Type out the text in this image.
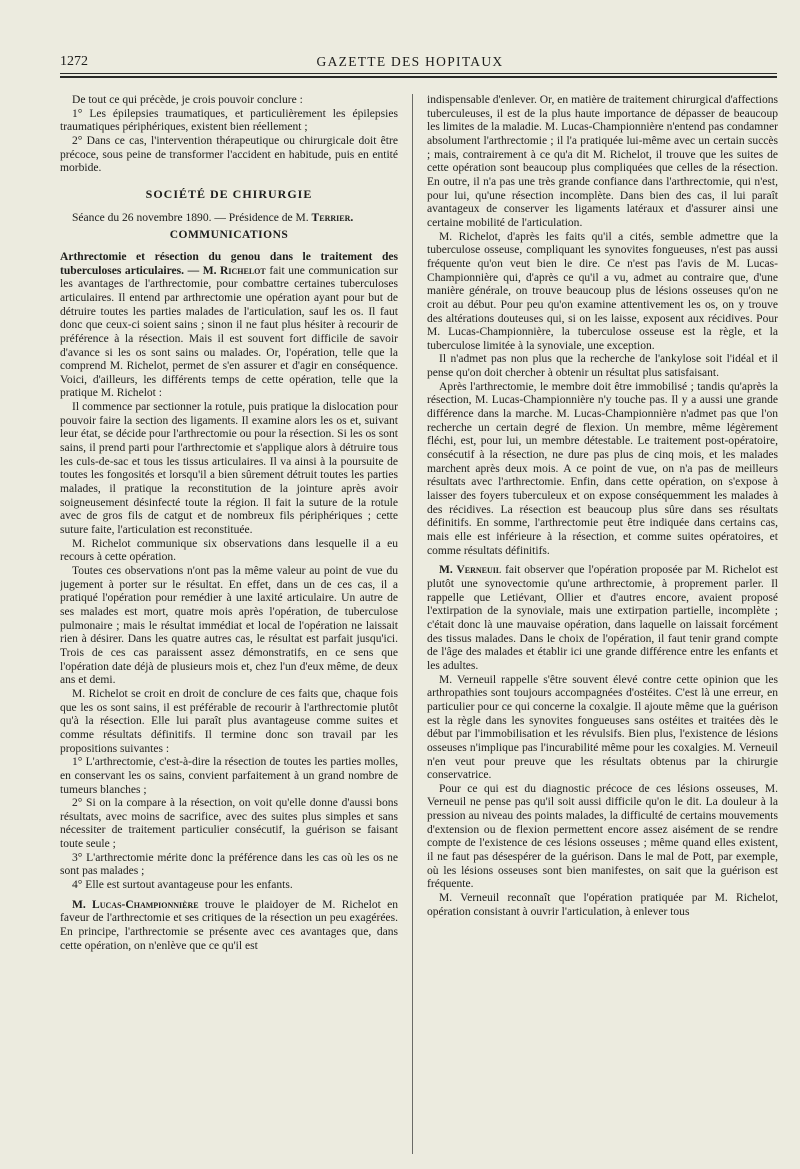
1272	GAZETTE DES HOPITAUX

De tout ce qui précède, je crois pouvoir conclure :

1° Les épilepsies traumatiques, et particulièrement les épilepsies traumatiques périphériques, existent bien réellement ;

2° Dans ce cas, l'intervention thérapeutique ou chirurgicale doit être précoce, sous peine de transformer l'accident en habitude, puis en entité morbide.

SOCIÉTÉ DE CHIRURGIE

Séance du 26 novembre 1890. — Présidence de M. Terrier.

COMMUNICATIONS

Arthrectomie et résection du genou dans le traitement des tuberculoses articulaires. — M. Richelot fait une communication sur les avantages de l'arthrectomie, pour combattre certaines tuberculoses articulaires. Il entend par arthrectomie une opération ayant pour but de détruire toutes les parties malades de l'articulation, sauf les os. Il faut donc que ceux-ci soient sains ; sinon il ne faut plus hésiter à recourir de préférence à la résection. Mais il est souvent fort difficile de savoir d'avance si les os sont sains ou malades. Or, l'opération, telle que la comprend M. Richelot, permet de s'en assurer et d'agir en conséquence. Voici, d'ailleurs, les différents temps de cette opération, telle que la pratique M. Richelot :

Il commence par sectionner la rotule, puis pratique la dislocation pour pouvoir faire la section des ligaments. Il examine alors les os et, suivant leur état, se décide pour l'arthrectomie ou pour la résection. Si les os sont sains, il prend parti pour l'arthrectomie et s'applique alors à détruire tous les culs-de-sac et tous les tissus articulaires. Il va ainsi à la poursuite de toutes les fongosités et lorsqu'il a bien sûrement détruit toutes les parties malades, il pratique la reconstitution de la jointure après avoir soigneusement désinfecté toute la région. Il fait la suture de la rotule avec de gros fils de catgut et de nombreux fils périphériques ; cette suture faite, l'articulation est reconstituée.

M. Richelot communique six observations dans lesquelle il a eu recours à cette opération.

Toutes ces observations n'ont pas la même valeur au point de vue du jugement à porter sur le résultat. En effet, dans un de ces cas, il a pratiqué l'opération pour remédier à une laxité articulaire. Un autre de ses malades est mort, quatre mois après l'opération, de tuberculose pulmonaire ; mais le résultat immédiat et local de l'opération ne laissait rien à désirer. Dans les quatre autres cas, le résultat est parfait jusqu'ici. Trois de ces cas paraissent assez démonstratifs, en ce sens que l'opération date déjà de plusieurs mois et, chez l'un d'eux même, de deux ans et demi.

M. Richelot se croit en droit de conclure de ces faits que, chaque fois que les os sont sains, il est préférable de recourir à l'arthrectomie plutôt qu'à la résection. Elle lui paraît plus avantageuse comme suites et comme résultats définitifs. Il termine donc son travail par les propositions suivantes :

1° L'arthrectomie, c'est-à-dire la résection de toutes les parties molles, en conservant les os sains, convient parfaitement à un grand nombre de tumeurs blanches ;

2° Si on la compare à la résection, on voit qu'elle donne d'aussi bons résultats, avec moins de sacrifice, avec des suites plus simples et sans nécessiter de traitement particulier consécutif, la guérison se faisant toute seule ;

3° L'arthrectomie mérite donc la préférence dans les cas où les os ne sont pas malades ;

4° Elle est surtout avantageuse pour les enfants.

M. Lucas-Championnière trouve le plaidoyer de M. Richelot en faveur de l'arthrectomie et ses critiques de la résection un peu exagérées. En principe, l'arthrectomie se présente avec ces avantages que, dans cette opération, on n'enlève que ce qu'il est

indispensable d'enlever. Or, en matière de traitement chirurgical d'affections tuberculeuses, il est de la plus haute importance de dépasser de beaucoup les limites de la maladie. M. Lucas-Championnière n'entend pas condamner absolument l'arthrectomie ; il l'a pratiquée lui-même avec un certain succès ; mais, contrairement à ce qu'a dit M. Richelot, il trouve que les suites de cette opération sont beaucoup plus compliquées que celles de la résection. En outre, il n'a pas une très grande confiance dans l'arthrectomie, qui n'est, pour lui, qu'une résection incomplète. Dans bien des cas, il lui paraît avantageux de conserver les ligaments latéraux et d'assurer ainsi une certaine mobilité de l'articulation.

M. Richelot, d'après les faits qu'il a cités, semble admettre que la tuberculose osseuse, compliquant les synovites fongueuses, n'est pas aussi fréquente qu'on veut bien le dire. Ce n'est pas l'avis de M. Lucas-Championnière qui, d'après ce qu'il a vu, admet au contraire que, d'une manière générale, on trouve beaucoup plus de lésions osseuses qu'on ne croit au début. Pour peu qu'on examine attentivement les os, on y trouve des altérations douteuses qui, si on les laisse, exposent aux récidives. Pour M. Lucas-Championnière, la tuberculose osseuse est la règle, et la tuberculose limitée à la synoviale, une exception.

Il n'admet pas non plus que la recherche de l'ankylose soit l'idéal et il pense qu'on doit chercher à obtenir un résultat plus satisfaisant.

Après l'arthrectomie, le membre doit être immobilisé ; tandis qu'après la résection, M. Lucas-Championnière n'y touche pas. Il y a aussi une grande différence dans la marche. M. Lucas-Championnière n'admet pas que l'on recherche un certain degré de flexion. Un membre, même légèrement fléchi, est, pour lui, un membre détestable. Le traitement post-opératoire, consécutif à la résection, ne dure pas plus de cinq mois, et les malades marchent après deux mois. A ce point de vue, on n'a pas de meilleurs résultats avec l'arthrectomie. Enfin, dans cette opération, on s'expose à laisser des foyers tuberculeux et on expose conséquemment les malades à des récidives. La résection est beaucoup plus sûre dans ses résultats définitifs. En somme, l'arthrectomie peut être indiquée dans certains cas, mais elle est inférieure à la résection, et comme suites opératoires, et comme résultats définitifs.

M. Verneuil fait observer que l'opération proposée par M. Richelot est plutôt une synovectomie qu'une arthrectomie, à proprement parler. Il rappelle que Letiévant, Ollier et d'autres encore, avaient proposé l'extirpation de la synoviale, mais une extirpation partielle, incomplète ; c'était donc là une mauvaise opération, dans laquelle on laissait forcément des tissus malades. Dans le choix de l'opération, il faut tenir grand compte de l'âge des malades et établir ici une grande différence entre les enfants et les adultes.

M. Verneuil rappelle s'être souvent élevé contre cette opinion que les arthropathies sont toujours accompagnées d'ostéites. C'est là une erreur, en particulier pour ce qui concerne la coxalgie. Il ajoute même que la guérison est la règle dans les synovites fongueuses sans ostéites et traitées dès le début par l'immobilisation et les révulsifs. Bien plus, l'existence de lésions osseuses n'implique pas l'incurabilité même pour les coxalgies. M. Verneuil n'en veut pour preuve que les résultats obtenus par la chirurgie conservatrice.

Pour ce qui est du diagnostic précoce de ces lésions osseuses, M. Verneuil ne pense pas qu'il soit aussi difficile qu'on le dit. La douleur à la pression au niveau des points malades, la difficulté de certains mouvements d'extension ou de flexion permettent encore assez aisément de se rendre compte de l'existence de ces lésions osseuses ; même quand elles existent, il ne faut pas désespérer de la guérison. Dans le mal de Pott, par exemple, où les lésions osseuses sont bien manifestes, on sait que la guérison est fréquente.

M. Verneuil reconnaît que l'opération pratiquée par M. Richelot, opération consistant à ouvrir l'articulation, à enlever tous
